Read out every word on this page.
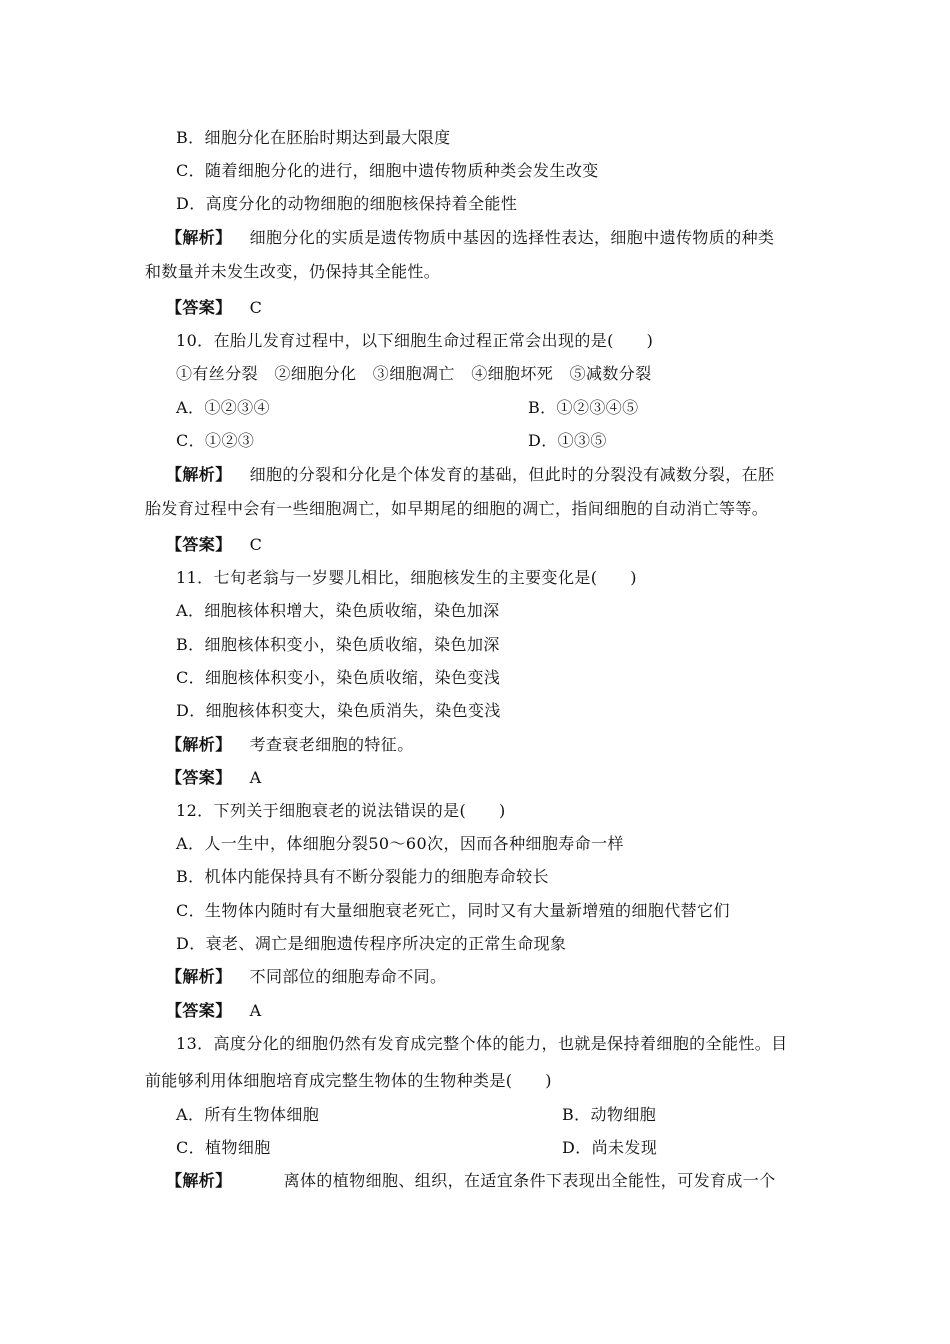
B．细胞分化在胚胎时期达到最大限度
C．随着细胞分化的进行，细胞中遗传物质种类会发生改变
D．高度分化的动物细胞的细胞核保持着全能性
【解析】 细胞分化的实质是遗传物质中基因的选择性表达，细胞中遗传物质的种类
和数量并未发生改变，仍保持其全能性。
【答案】 C
10．在胎儿发育过程中，以下细胞生命过程正常会出现的是(　　)
①有丝分裂　②细胞分化　③细胞凋亡　④细胞坏死　⑤减数分裂
A．①②③④	B．①②③④⑤
C．①②③	D．①③⑤
【解析】 细胞的分裂和分化是个体发育的基础，但此时的分裂没有减数分裂，在胚
胎发育过程中会有一些细胞凋亡，如早期尾的细胞的凋亡，指间细胞的自动消亡等等。
【答案】 C
11．七旬老翁与一岁婴儿相比，细胞核发生的主要变化是(　　)
A．细胞核体积增大，染色质收缩，染色加深
B．细胞核体积变小，染色质收缩，染色加深
C．细胞核体积变小，染色质收缩，染色变浅
D．细胞核体积变大，染色质消失，染色变浅
【解析】 考查衰老细胞的特征。
【答案】 A
12．下列关于细胞衰老的说法错误的是(　　)
A．人一生中，体细胞分裂50～60次，因而各种细胞寿命一样
B．机体内能保持具有不断分裂能力的细胞寿命较长
C．生物体内随时有大量细胞衰老死亡，同时又有大量新增殖的细胞代替它们
D．衰老、凋亡是细胞遗传程序所决定的正常生命现象
【解析】 不同部位的细胞寿命不同。
【答案】 A
13．高度分化的细胞仍然有发育成完整个体的能力，也就是保持着细胞的全能性。目
前能够利用体细胞培育成完整生物体的生物种类是(　　)
A．所有生物体细胞	B．动物细胞
C．植物细胞	D．尚未发现
【解析】	离体的植物细胞、组织，在适宜条件下表现出全能性，可发育成一个
